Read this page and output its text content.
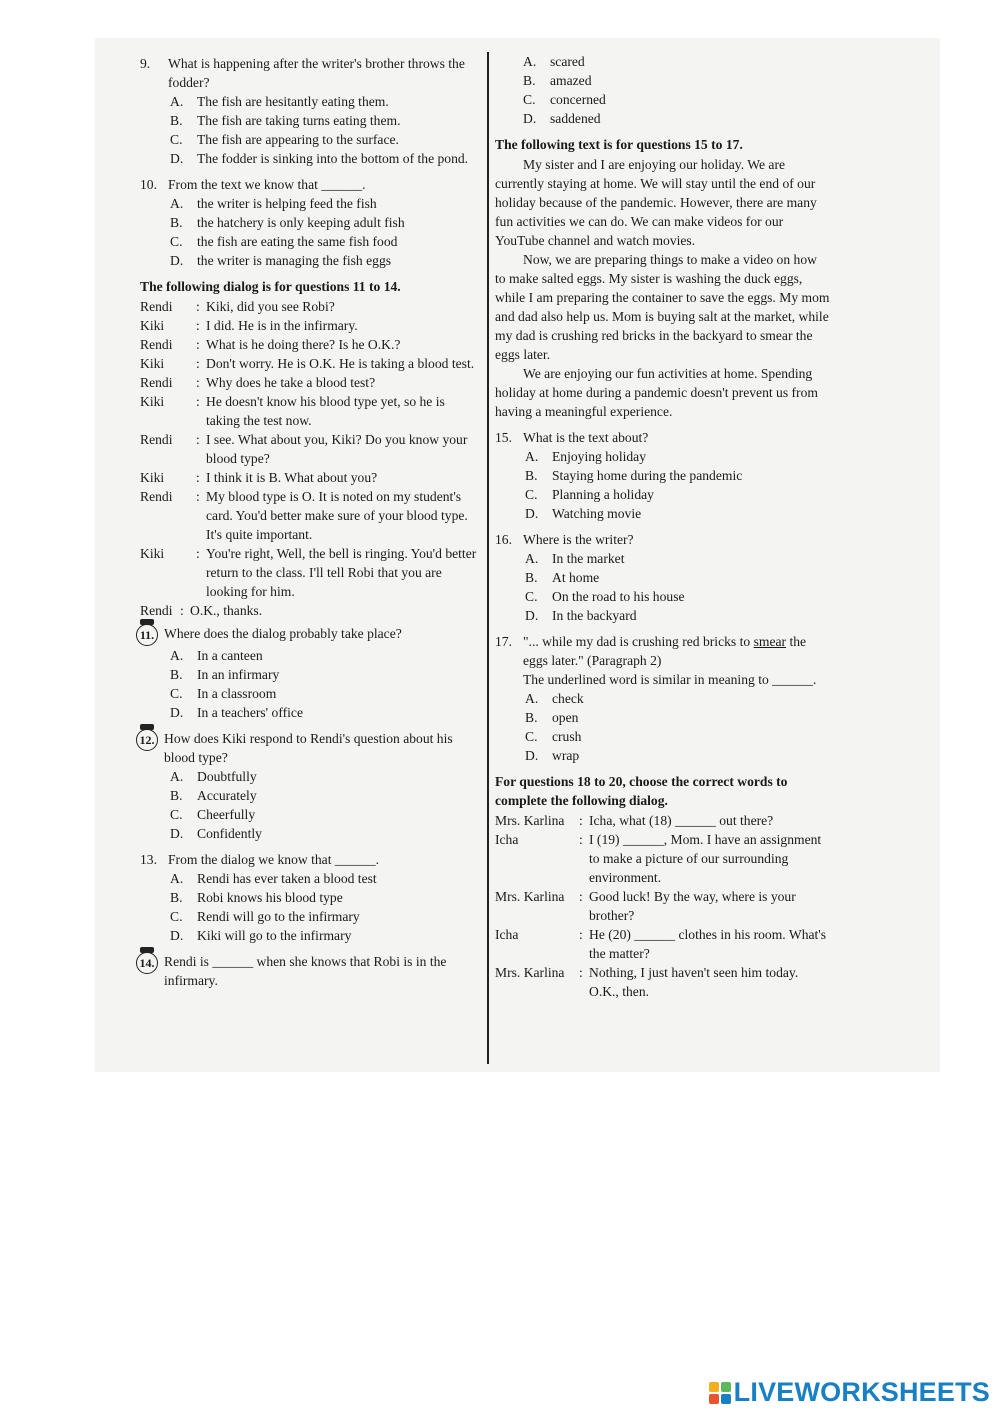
9.	What is happening after the writer's brother throws the fodder?
A.	The fish are hesitantly eating them.
B.	The fish are taking turns eating them.
C.	The fish are appearing to the surface.
D.	The fodder is sinking into the bottom of the pond.
10. From the text we know that ______.
A.	the writer is helping feed the fish
B.	the hatchery is only keeping adult fish
C.	the fish are eating the same fish food
D.	the writer is managing the fish eggs
The following dialog is for questions 11 to 14.
Rendi	: Kiki, did you see Robi?
Kiki	: I did. He is in the infirmary.
Rendi	: What is he doing there? Is he O.K.?
Kiki	: Don't worry. He is O.K. He is taking a blood test.
Rendi	: Why does he take a blood test?
Kiki	: He doesn't know his blood type yet, so he is taking the test now.
Rendi	: I see. What about you, Kiki? Do you know your blood type?
Kiki	: I think it is B. What about you?
Rendi	: My blood type is O. It is noted on my student's card. You'd better make sure of your blood type. It's quite important.
Kiki	: You're right, Well, the bell is ringing. You'd better return to the class. I'll tell Robi that you are looking for him.
Rendi : O.K., thanks.
11. Where does the dialog probably take place?
A.	In a canteen
B.	In an infirmary
C.	In a classroom
D.	In a teachers' office
12. How does Kiki respond to Rendi's question about his blood type?
A.	Doubtfully
B.	Accurately
C.	Cheerfully
D.	Confidently
13. From the dialog we know that ______.
A.	Rendi has ever taken a blood test
B.	Robi knows his blood type
C.	Rendi will go to the infirmary
D.	Kiki will go to the infirmary
14. Rendi is ______ when she knows that Robi is in the infirmary.
A.	scared
B.	amazed
C.	concerned
D.	saddened
The following text is for questions 15 to 17.

My sister and I are enjoying our holiday. We are currently staying at home. We will stay until the end of our holiday because of the pandemic. However, there are many fun activities we can do. We can make videos for our YouTube channel and watch movies.

Now, we are preparing things to make a video on how to make salted eggs. My sister is washing the duck eggs, while I am preparing the container to save the eggs. My mom and dad also help us. Mom is buying salt at the market, while my dad is crushing red bricks in the backyard to smear the eggs later.

We are enjoying our fun activities at home. Spending holiday at home during a pandemic doesn't prevent us from having a meaningful experience.

15. What is the text about?
A.	Enjoying holiday
B.	Staying home during the pandemic
C.	Planning a holiday
D.	Watching movie
16. Where is the writer?
A.	In the market
B.	At home
C.	On the road to his house
D.	In the backyard
17. "... while my dad is crushing red bricks to smear the eggs later." (Paragraph 2)
The underlined word is similar in meaning to ______.
A.	check
B.	open
C.	crush
D.	wrap
For questions 18 to 20, choose the correct words to complete the following dialog.
Mrs. Karlina	: Icha, what (18) ______ out there?
Icha	: I (19) ______, Mom. I have an assignment to make a picture of our surrounding environment.
Mrs. Karlina	: Good luck! By the way, where is your brother?
Icha	: He (20) ______ clothes in his room. What's the matter?
Mrs. Karlina	: Nothing, I just haven't seen him today. O.K., then.
LIVEWORKSHEETS
